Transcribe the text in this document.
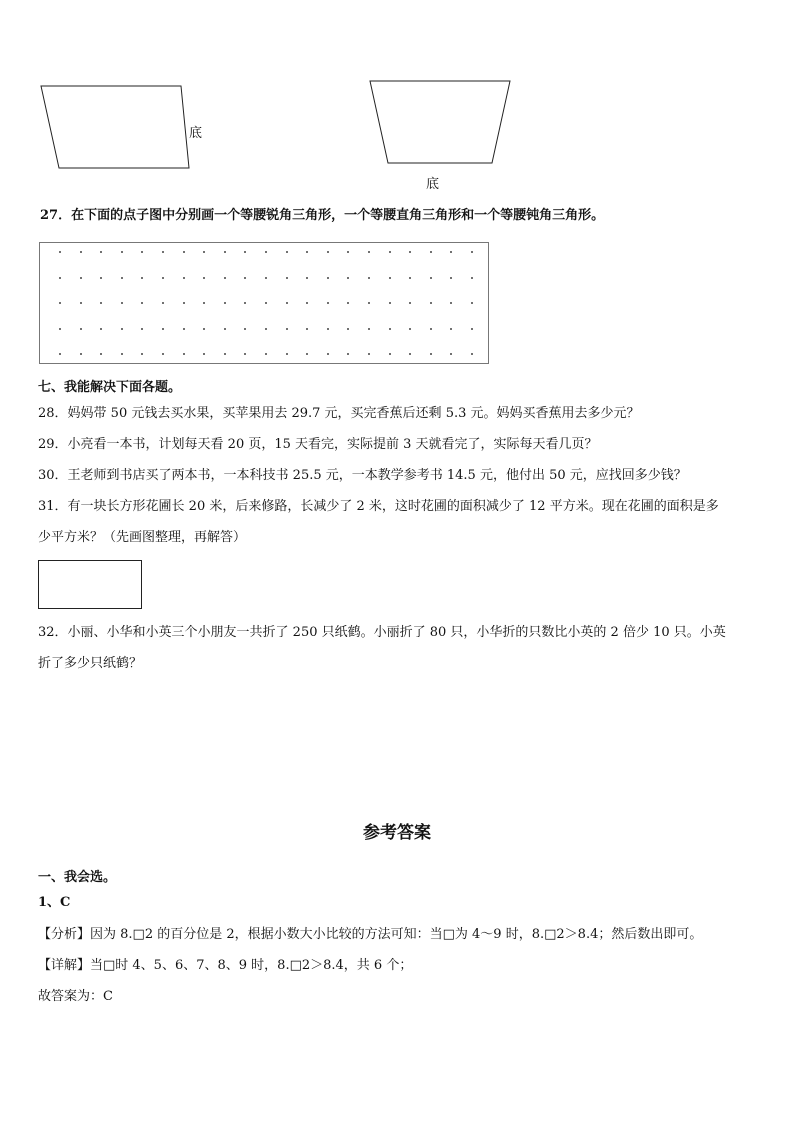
底
底
27．在下面的点子图中分别画一个等腰锐角三角形，一个等腰直角三角形和一个等腰钝角三角形。
七、我能解决下面各题。
28．妈妈带 50 元钱去买水果，买苹果用去 29.7 元，买完香蕉后还剩 5.3 元。妈妈买香蕉用去多少元？
29．小亮看一本书，计划每天看 20 页，15 天看完，实际提前 3 天就看完了，实际每天看几页？
30．王老师到书店买了两本书，一本科技书 25.5 元，一本教学参考书 14.5 元，他付出 50 元，应找回多少钱？
31．有一块长方形花圃长 20 米，后来修路，长减少了 2 米，这时花圃的面积减少了 12 平方米。现在花圃的面积是多
少平方米？（先画图整理，再解答）
32．小丽、小华和小英三个小朋友一共折了 250 只纸鹤。小丽折了 80 只，小华折的只数比小英的 2 倍少 10 只。小英
折了多少只纸鹤？
参考答案
一、我会选。
1、C
【分析】因为 8.□2 的百分位是 2，根据小数大小比较的方法可知：当□为 4～9 时，8.□2＞8.4；然后数出即可。
【详解】当□时 4、5、6、7、8、9 时，8.□2＞8.4，共 6 个；
故答案为：C
